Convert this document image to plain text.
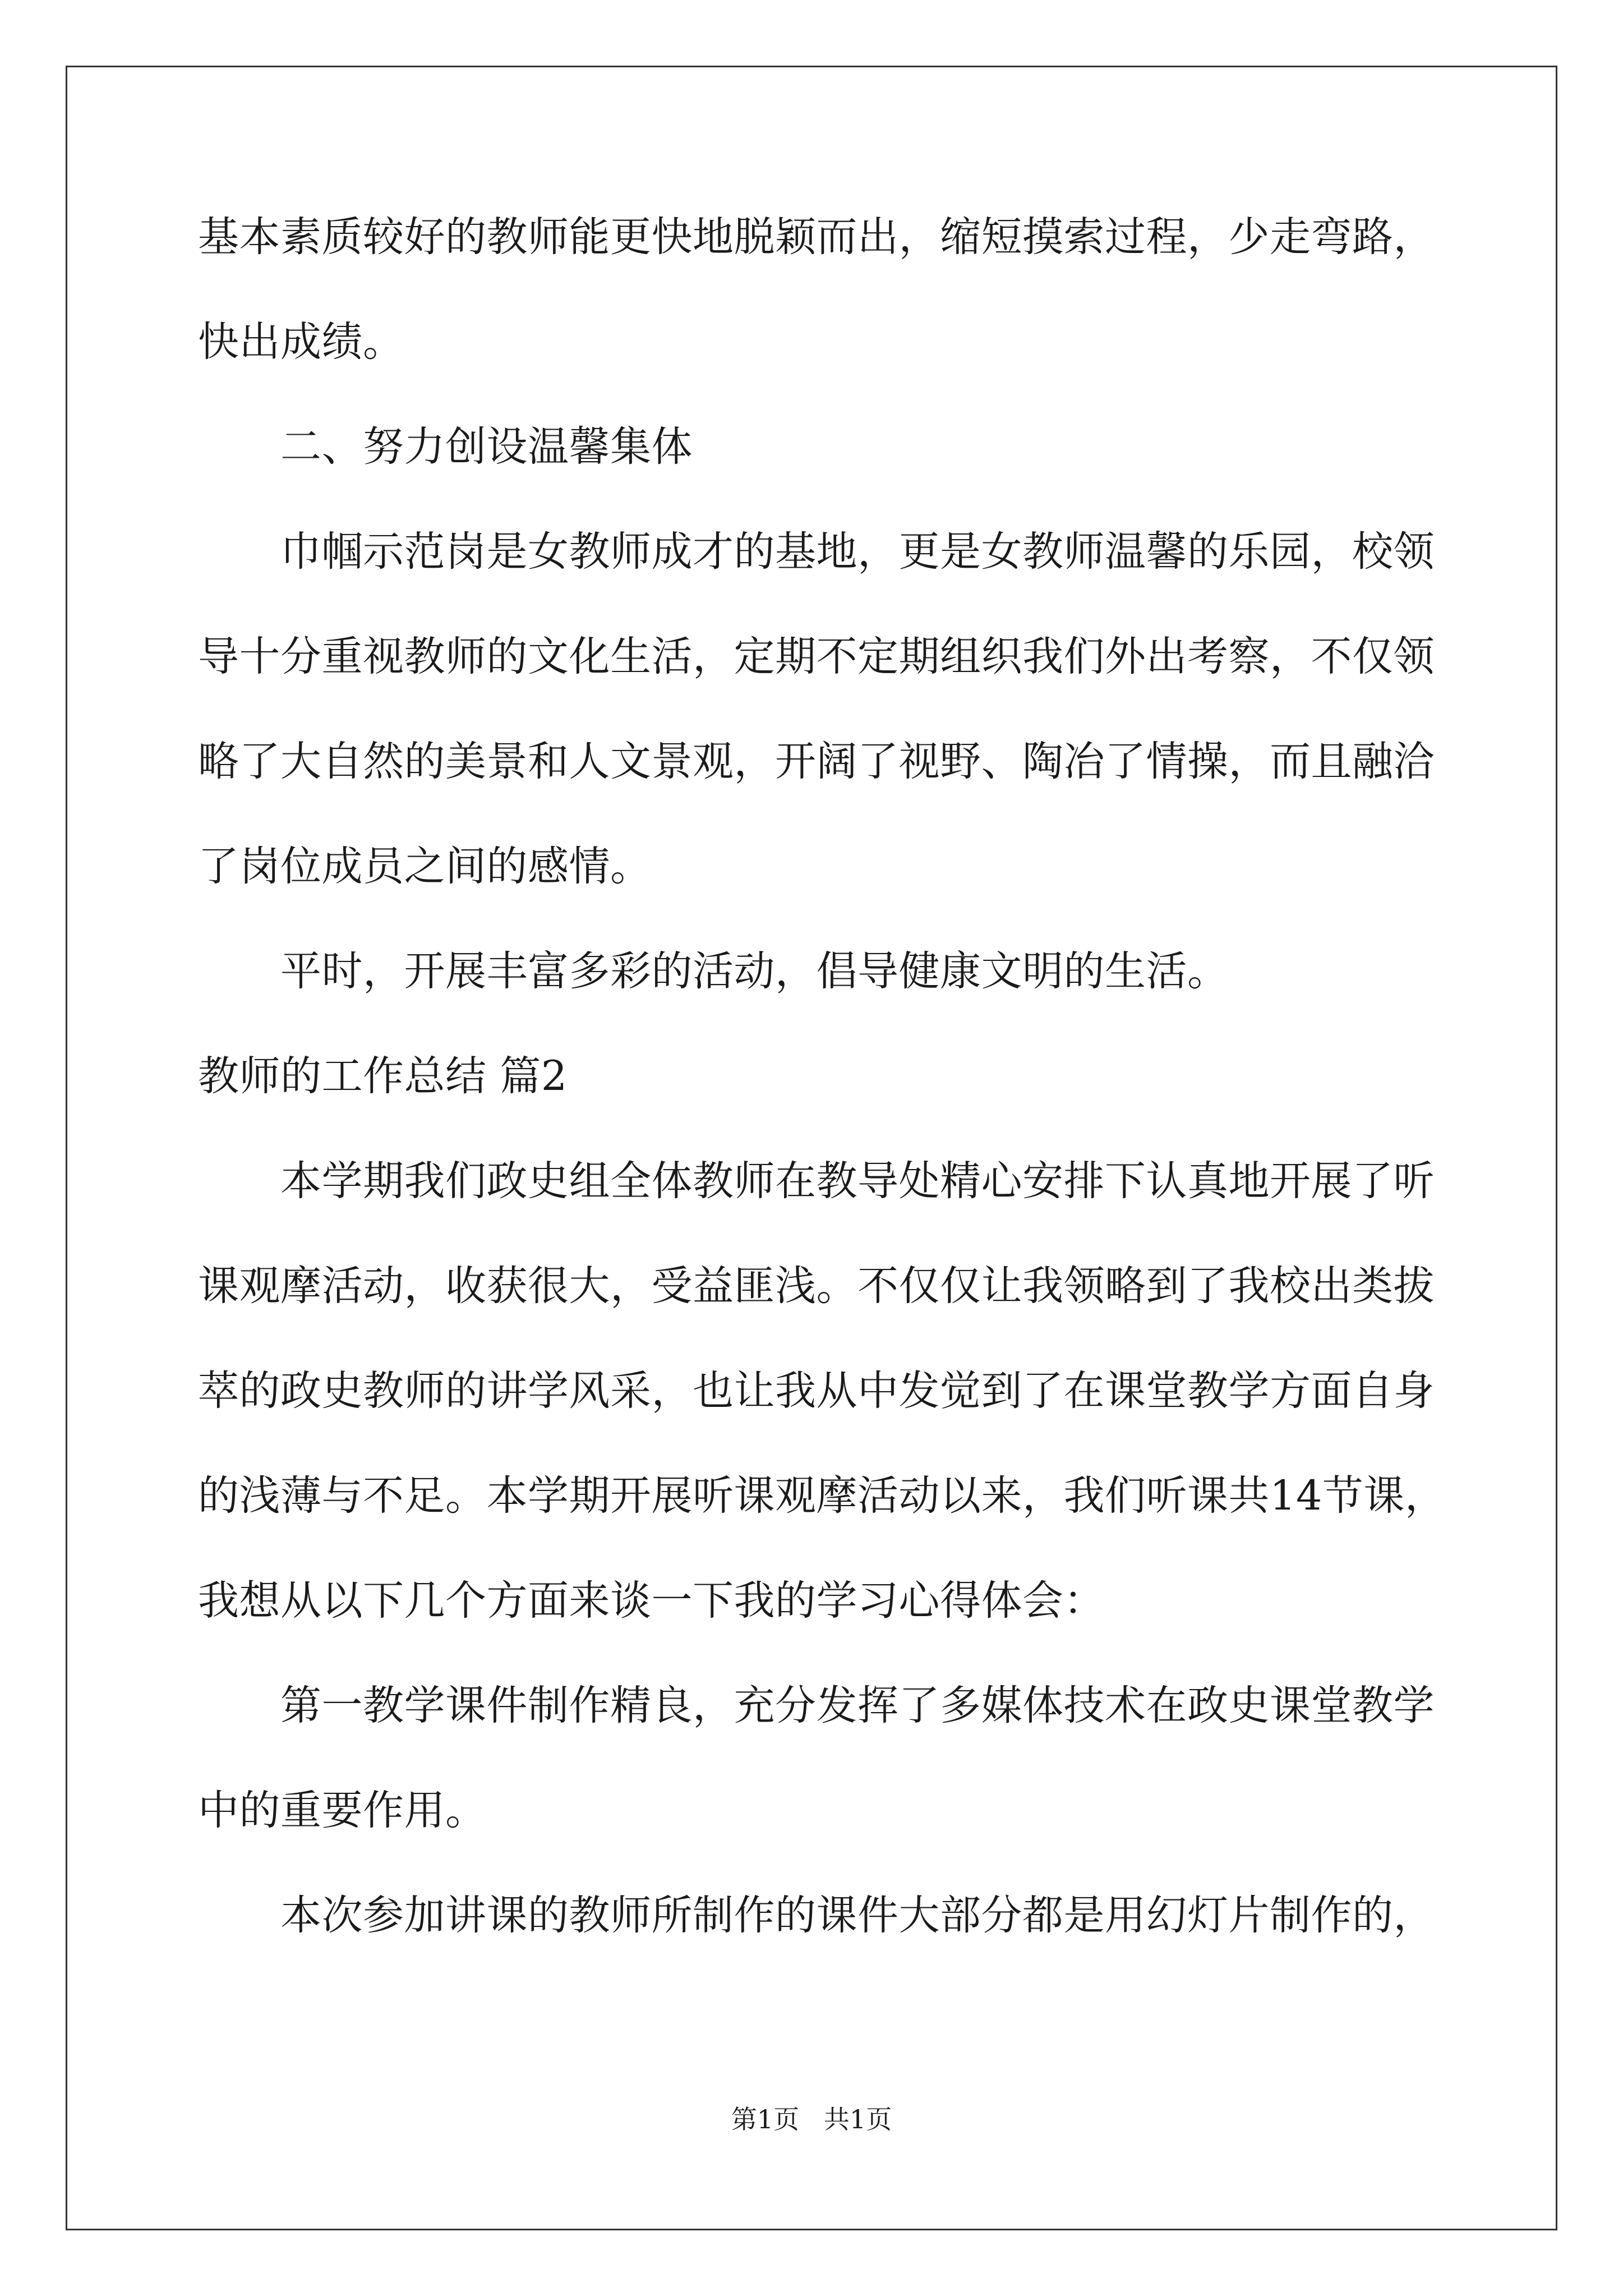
基本素质较好的教师能更快地脱颖而出，缩短摸索过程，少走弯路，
快出成绩。
二、努力创设温馨集体
巾帼示范岗是女教师成才的基地，更是女教师温馨的乐园，校领
导十分重视教师的文化生活，定期不定期组织我们外出考察，不仅领
略了大自然的美景和人文景观，开阔了视野、陶冶了情操，而且融洽
了岗位成员之间的感情。
平时，开展丰富多彩的活动，倡导健康文明的生活。
教师的工作总结 篇2
本学期我们政史组全体教师在教导处精心安排下认真地开展了听
课观摩活动，收获很大，受益匪浅。不仅仅让我领略到了我校出类拔
萃的政史教师的讲学风采，也让我从中发觉到了在课堂教学方面自身
的浅薄与不足。本学期开展听课观摩活动以来，我们听课共14节课，
我想从以下几个方面来谈一下我的学习心得体会：
第一教学课件制作精良，充分发挥了多媒体技术在政史课堂教学
中的重要作用。
本次参加讲课的教师所制作的课件大部分都是用幻灯片制作的，
第1页   共1页
